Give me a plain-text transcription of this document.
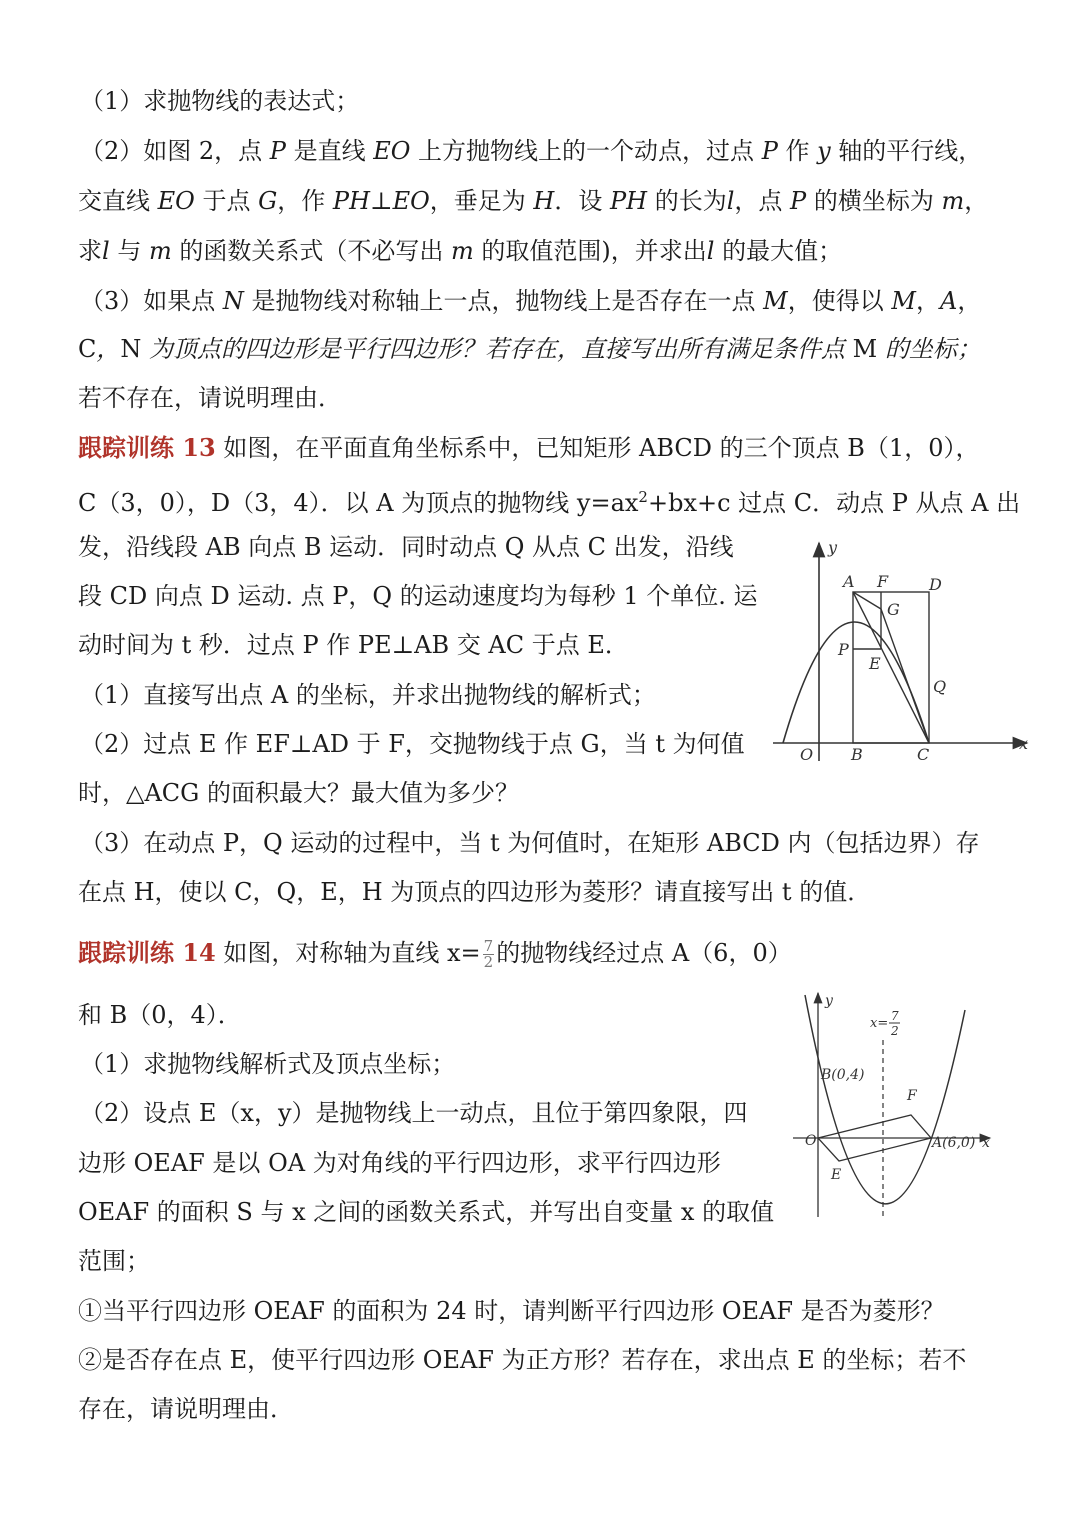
（1）求抛物线的表达式；
（2）如图 2，点 P 是直线 EO 上方抛物线上的一个动点，过点 P 作 y 轴的平行线，
交直线 EO 于点 G，作 PH⊥EO，垂足为 H．设 PH 的长为l，点 P 的横坐标为 m，
求l 与 m 的函数关系式（不必写出 m 的取值范围)，并求出l 的最大值；
（3）如果点 N 是抛物线对称轴上一点，抛物线上是否存在一点 M，使得以 M，A，
C，N 为顶点的四边形是平行四边形？若存在，直接写出所有满足条件点 M 的坐标；
若不存在，请说明理由．
跟踪训练 13 如图，在平面直角坐标系中，已知矩形 ABCD 的三个顶点 B（1，0），
C（3，0），D（3，4）．以 A 为顶点的抛物线 $y=ax^2+bx+c$ 过点 C．动点 P 从点 A 出
发，沿线段 AB 向点 B 运动．同时动点 Q 从点 C 出发，沿线
段 CD 向点 D 运动. 点 P，Q 的运动速度均为每秒 1 个单位. 运
动时间为 t 秒．过点 P 作 PE⊥AB 交 AC 于点 E．
（1）直接写出点 A 的坐标，并求出抛物线的解析式；
（2）过点 E 作 EF⊥AD 于 F，交抛物线于点 G，当 t 为何值
时，△ACG 的面积最大？最大值为多少？
（3）在动点 P，Q 运动的过程中，当 t 为何值时，在矩形 ABCD 内（包括边界）存
在点 H，使以 C，Q，E，H 为顶点的四边形为菱形？请直接写出 t 的值．
y
x
O
A F	D
G
P
E
Q
B	C
跟踪训练 14 如图，对称轴为直线 $x= \frac{7}{2}$ 的抛物线经过点 A（6，0）
和 B（0，4）．
（1）求抛物线解析式及顶点坐标；
（2）设点 E（x，y）是抛物线上一动点，且位于第四象限，四
边形 OEAF 是以 OA 为对角线的平行四边形，求平行四边形
OEAF 的面积 S 与 x 之间的函数关系式，并写出自变量 x 的取值
范围；
①当平行四边形 OEAF 的面积为 24 时，请判断平行四边形 OEAF 是否为菱形？
②是否存在点 E，使平行四边形 OEAF 为正方形？若存在，求出点 E 的坐标；若不
存在，请说明理由．
y
x
O
B(0,4)
A(6,0)
E
F
x= 7
2
